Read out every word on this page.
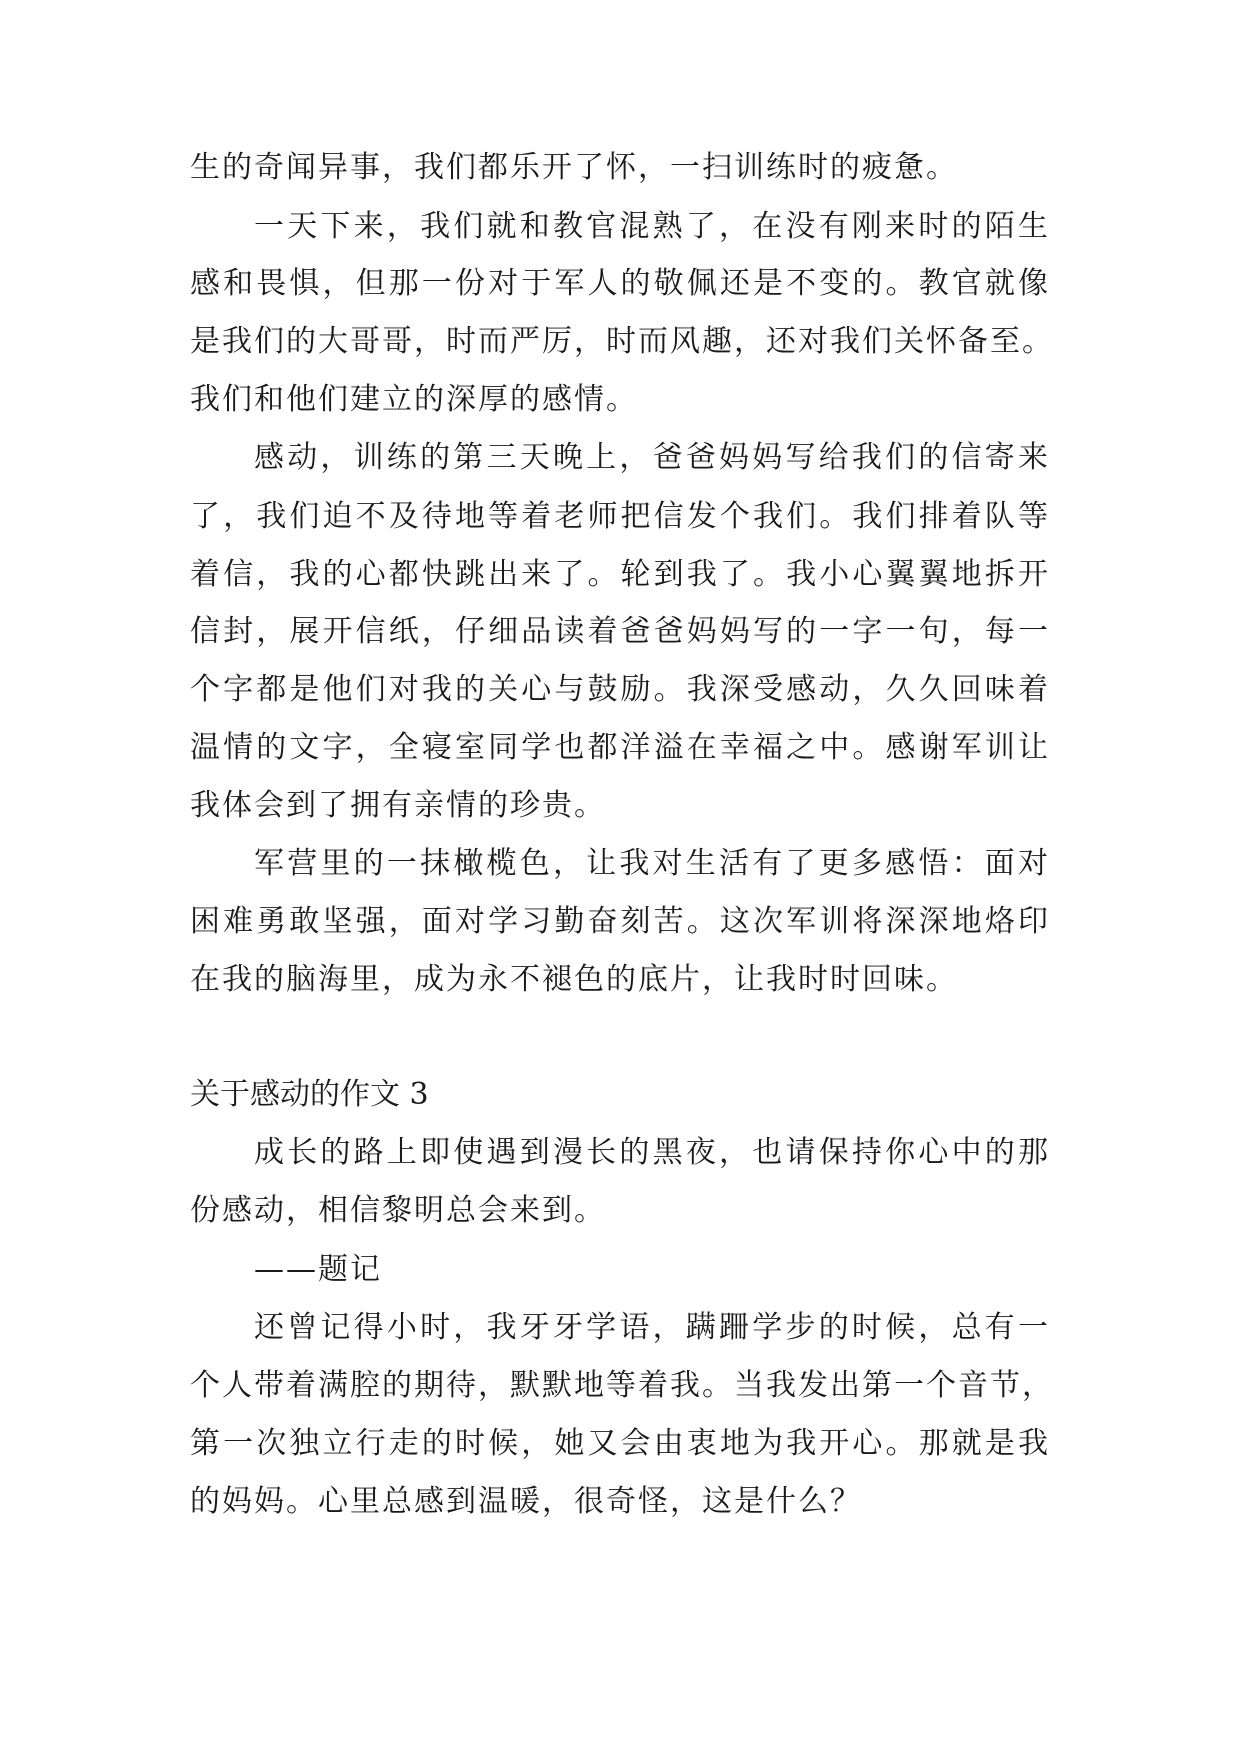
生的奇闻异事，我们都乐开了怀，一扫训练时的疲惫。
一天下来，我们就和教官混熟了，在没有刚来时的陌生
感和畏惧，但那一份对于军人的敬佩还是不变的。教官就像
是我们的大哥哥，时而严厉，时而风趣，还对我们关怀备至。
我们和他们建立的深厚的感情。
感动，训练的第三天晚上，爸爸妈妈写给我们的信寄来
了，我们迫不及待地等着老师把信发个我们。我们排着队等
着信，我的心都快跳出来了。轮到我了。我小心翼翼地拆开
信封，展开信纸，仔细品读着爸爸妈妈写的一字一句，每一
个字都是他们对我的关心与鼓励。我深受感动，久久回味着
温情的文字，全寝室同学也都洋溢在幸福之中。感谢军训让
我体会到了拥有亲情的珍贵。
军营里的一抹橄榄色，让我对生活有了更多感悟：面对
困难勇敢坚强，面对学习勤奋刻苦。这次军训将深深地烙印
在我的脑海里，成为永不褪色的底片，让我时时回味。
关于感动的作文 3
成长的路上即使遇到漫长的黑夜，也请保持你心中的那
份感动，相信黎明总会来到。
——题记
还曾记得小时，我牙牙学语，蹒跚学步的时候，总有一
个人带着满腔的期待，默默地等着我。当我发出第一个音节，
第一次独立行走的时候，她又会由衷地为我开心。那就是我
的妈妈。心里总感到温暖，很奇怪，这是什么？
